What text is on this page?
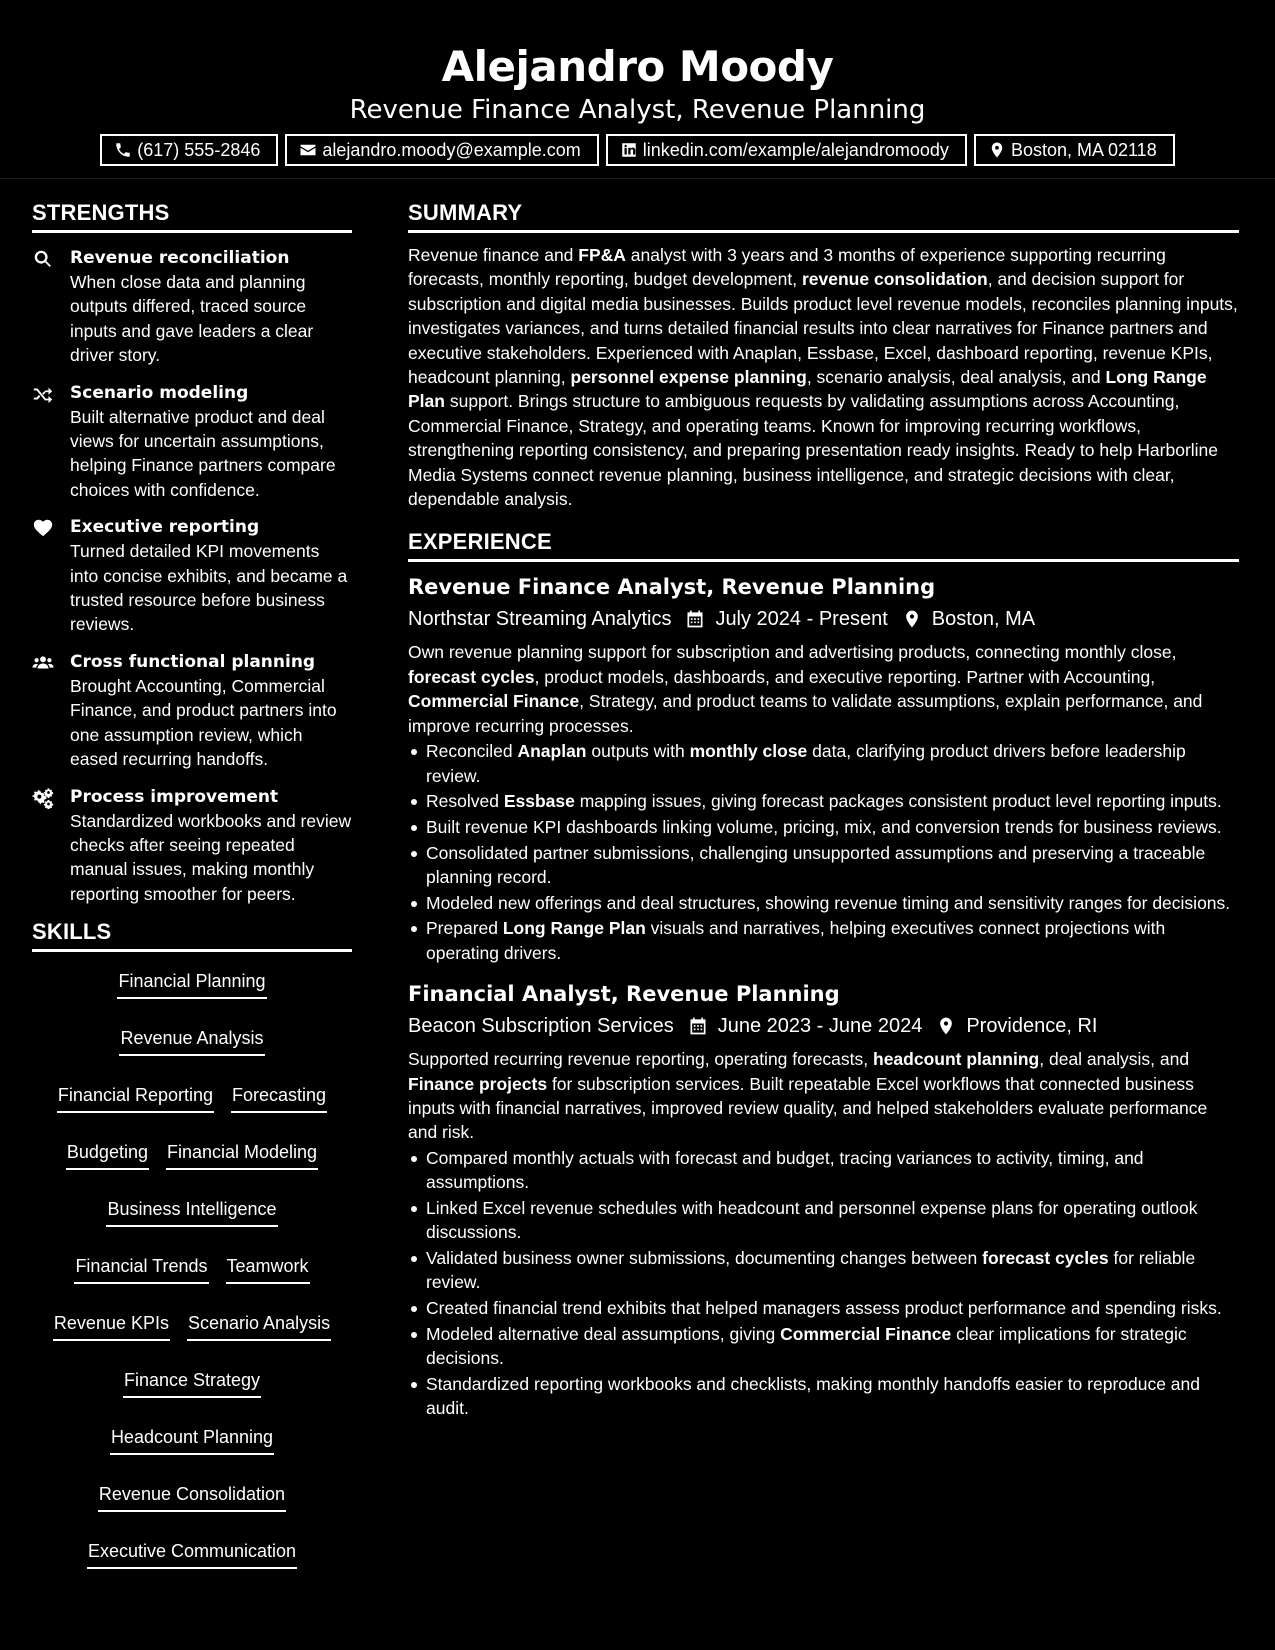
Alejandro Moody
Revenue Finance Analyst, Revenue Planning
(617) 555-2846	alejandro.moody@example.com	linkedin.com/example/alejandromoody	Boston, MA 02118
STRENGTHS
Revenue reconciliation
When close data and planning outputs differed, traced source inputs and gave leaders a clear driver story.
Scenario modeling
Built alternative product and deal views for uncertain assumptions, helping Finance partners compare choices with confidence.
Executive reporting
Turned detailed KPI movements into concise exhibits, and became a trusted resource before business reviews.
Cross functional planning
Brought Accounting, Commercial Finance, and product partners into one assumption review, which eased recurring handoffs.
Process improvement
Standardized workbooks and review checks after seeing repeated manual issues, making monthly reporting smoother for peers.
SKILLS
Financial Planning
Revenue Analysis
Financial Reporting Forecasting
Budgeting Financial Modeling
Business Intelligence
Financial Trends Teamwork
Revenue KPIs Scenario Analysis
Finance Strategy
Headcount Planning
Revenue Consolidation
Executive Communication
SUMMARY
Revenue finance and FP&A analyst with 3 years and 3 months of experience supporting recurring forecasts, monthly reporting, budget development, revenue consolidation, and decision support for subscription and digital media businesses. Builds product level revenue models, reconciles planning inputs, investigates variances, and turns detailed financial results into clear narratives for Finance partners and executive stakeholders. Experienced with Anaplan, Essbase, Excel, dashboard reporting, revenue KPIs, headcount planning, personnel expense planning, scenario analysis, deal analysis, and Long Range Plan support. Brings structure to ambiguous requests by validating assumptions across Accounting, Commercial Finance, Strategy, and operating teams. Known for improving recurring workflows, strengthening reporting consistency, and preparing presentation ready insights. Ready to help Harborline Media Systems connect revenue planning, business intelligence, and strategic decisions with clear, dependable analysis.
EXPERIENCE
Revenue Finance Analyst, Revenue Planning
Northstar Streaming Analytics July 2024 - Present Boston, MA
Own revenue planning support for subscription and advertising products, connecting monthly close, forecast cycles, product models, dashboards, and executive reporting. Partner with Accounting, Commercial Finance, Strategy, and product teams to validate assumptions, explain performance, and improve recurring processes.
Reconciled Anaplan outputs with monthly close data, clarifying product drivers before leadership review.
Resolved Essbase mapping issues, giving forecast packages consistent product level reporting inputs.
Built revenue KPI dashboards linking volume, pricing, mix, and conversion trends for business reviews.
Consolidated partner submissions, challenging unsupported assumptions and preserving a traceable planning record.
Modeled new offerings and deal structures, showing revenue timing and sensitivity ranges for decisions.
Prepared Long Range Plan visuals and narratives, helping executives connect projections with operating drivers.
Financial Analyst, Revenue Planning
Beacon Subscription Services June 2023 - June 2024 Providence, RI
Supported recurring revenue reporting, operating forecasts, headcount planning, deal analysis, and Finance projects for subscription services. Built repeatable Excel workflows that connected business inputs with financial narratives, improved review quality, and helped stakeholders evaluate performance and risk.
Compared monthly actuals with forecast and budget, tracing variances to activity, timing, and assumptions.
Linked Excel revenue schedules with headcount and personnel expense plans for operating outlook discussions.
Validated business owner submissions, documenting changes between forecast cycles for reliable review.
Created financial trend exhibits that helped managers assess product performance and spending risks.
Modeled alternative deal assumptions, giving Commercial Finance clear implications for strategic decisions.
Standardized reporting workbooks and checklists, making monthly handoffs easier to reproduce and audit.
